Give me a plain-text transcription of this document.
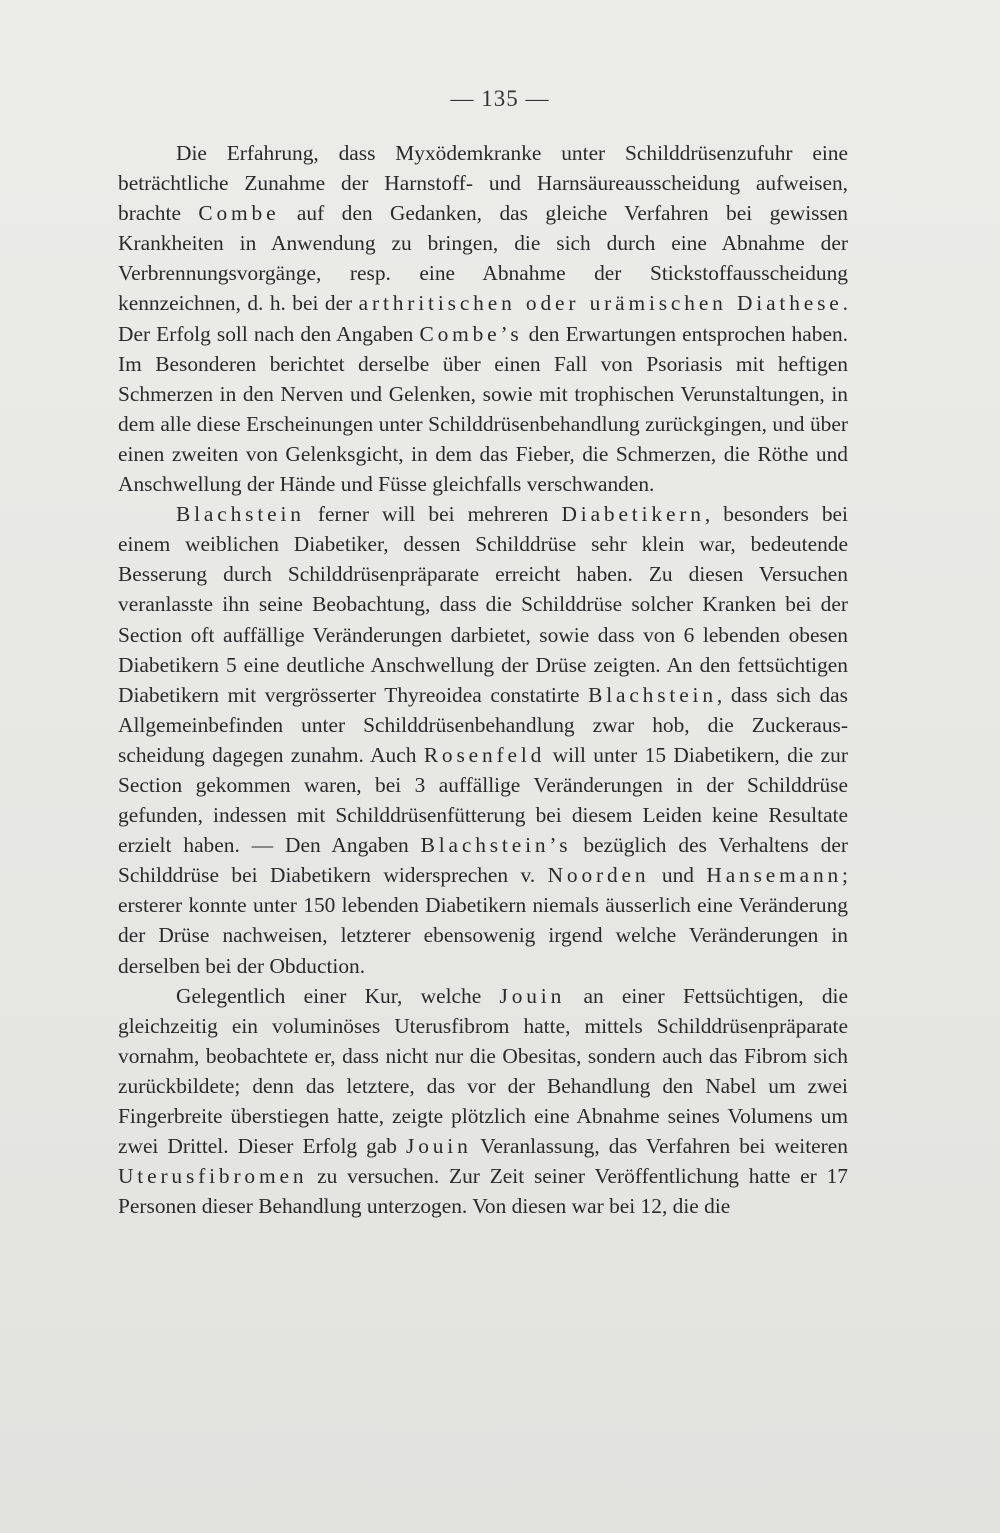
— 135 —

Die Erfahrung, dass Myxödemkranke unter Schilddrüsenzufuhr eine beträchtliche Zunahme der Harnstoff- und Harnsäureausscheidung aufweisen, brachte Combe auf den Gedanken, das gleiche Verfahren bei gewissen Krankheiten in Anwendung zu bringen, die sich durch eine Abnahme der Verbrennungsvorgänge, resp. eine Abnahme der Stickstoffausscheidung kennzeichnen, d. h. bei der arthritischen oder urämischen Diathese. Der Erfolg soll nach den Angaben Combe’s den Erwartungen entsprochen haben. Im Besonderen berichtet derselbe über einen Fall von Psoriasis mit heftigen Schmerzen in den Nerven und Gelenken, sowie mit trophischen Verunstaltungen, in dem alle diese Erscheinungen unter Schilddrüsenbehandlung zurückgingen, und über einen zweiten von Gelenksgicht, in dem das Fieber, die Schmerzen, die Röthe und Anschwellung der Hände und Füsse gleichfalls verschwanden.

Blachstein ferner will bei mehreren Diabetikern, besonders bei einem weiblichen Diabetiker, dessen Schilddrüse sehr klein war, bedeutende Besserung durch Schilddrüsenpräparate erreicht haben. Zu diesen Versuchen veranlasste ihn seine Beobachtung, dass die Schilddrüse solcher Kranken bei der Section oft auffällige Veränderungen darbietet, sowie dass von 6 lebenden obesen Diabetikern 5 eine deutliche Anschwellung der Drüse zeigten. An den fettsüchtigen Diabetikern mit vergrösserter Thyreoidea constatirte Blachstein, dass sich das Allgemeinbefinden unter Schilddrüsenbehandlung zwar hob, die Zuckerausscheidung dagegen zunahm. Auch Rosenfeld will unter 15 Diabetikern, die zur Section gekommen waren, bei 3 auffällige Veränderungen in der Schilddrüse gefunden, indessen mit Schilddrüsenfütterung bei diesem Leiden keine Resultate erzielt haben. — Den Angaben Blachstein’s bezüglich des Verhaltens der Schilddrüse bei Diabetikern widersprechen v. Noorden und Hansemann; ersterer konnte unter 150 lebenden Diabetikern niemals äusserlich eine Veränderung der Drüse nachweisen, letzterer ebensowenig irgend welche Veränderungen in derselben bei der Obduction.

Gelegentlich einer Kur, welche Jouin an einer Fettsüchtigen, die gleichzeitig ein voluminöses Uterusfibrom hatte, mittels Schilddrüsenpräparate vornahm, beobachtete er, dass nicht nur die Obesitas, sondern auch das Fibrom sich zurückbildete; denn das letztere, das vor der Behandlung den Nabel um zwei Fingerbreite überstiegen hatte, zeigte plötzlich eine Abnahme seines Volumens um zwei Drittel. Dieser Erfolg gab Jouin Veranlassung, das Verfahren bei weiteren Uterusfibromen zu versuchen. Zur Zeit seiner Veröffentlichung hatte er 17 Personen dieser Behandlung unterzogen. Von diesen war bei 12, die die
